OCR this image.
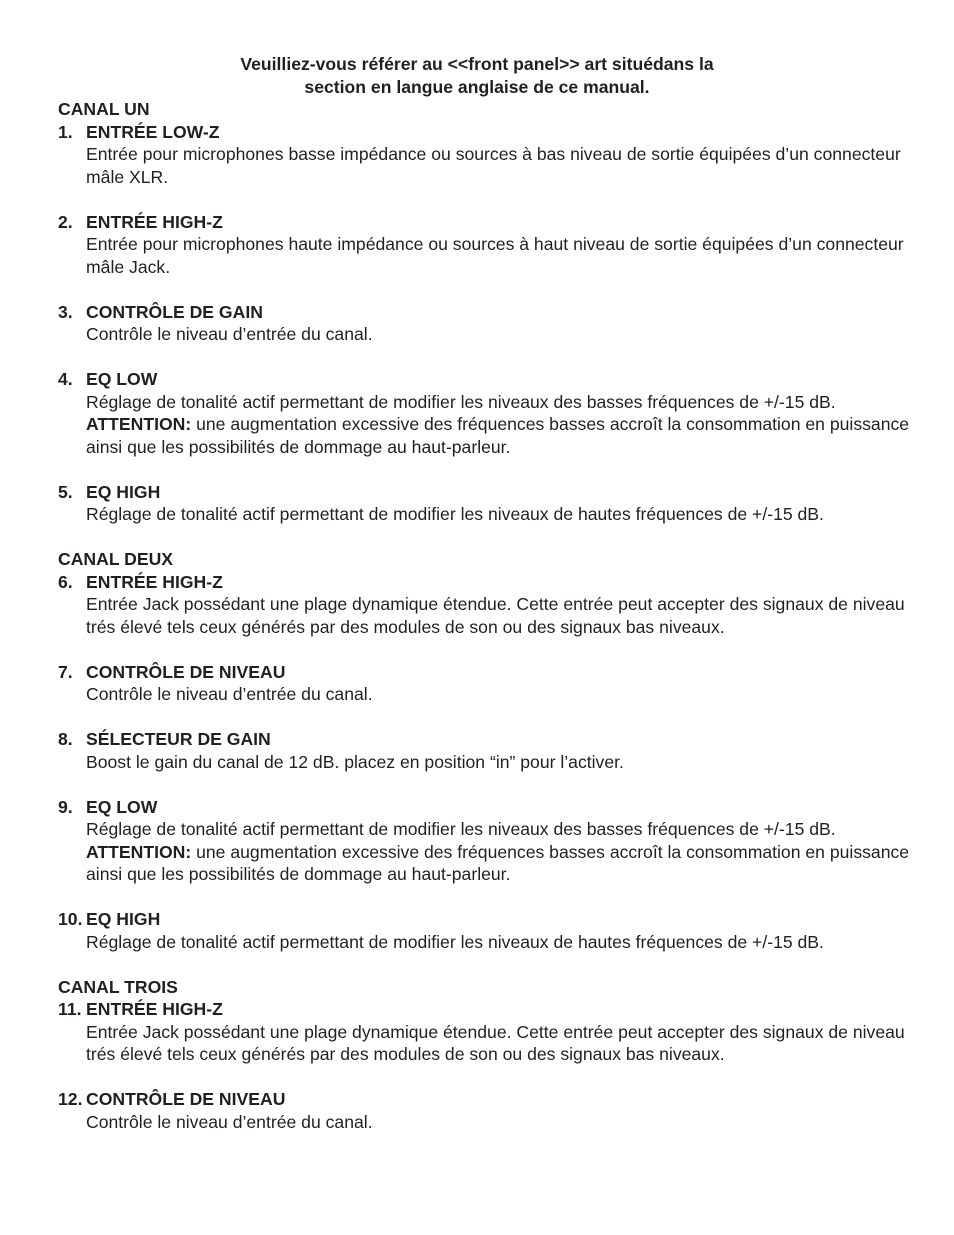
Veuilliez-vous référer au <<front panel>> art situédans la
section en langue anglaise de ce manual.
CANAL UN
1. ENTRÉE LOW-Z
Entrée pour microphones basse impédance ou sources à bas niveau de sortie équipées d’un connecteur mâle XLR.
2. ENTRÉE HIGH-Z
Entrée pour microphones haute impédance ou sources à haut niveau de sortie équipées d’un connecteur mâle Jack.
3. CONTRÔLE DE GAIN
Contrôle le niveau d’entrée du canal.
4. EQ LOW
Réglage de tonalité actif permettant de modifier les niveaux des basses fréquences de +/-15 dB.
ATTENTION: une augmentation excessive des fréquences basses accroît la consommation en puissance ainsi que les possibilités de dommage au haut-parleur.
5. EQ HIGH
Réglage de tonalité actif permettant de modifier les niveaux de hautes fréquences de +/-15 dB.
CANAL DEUX
6. ENTRÉE HIGH-Z
Entrée Jack possédant une plage dynamique étendue. Cette entrée peut accepter des signaux de niveau trés élevé tels ceux générés par des modules de son ou des signaux bas niveaux.
7. CONTRÔLE DE NIVEAU
Contrôle le niveau d’entrée du canal.
8. SÉLECTEUR DE GAIN
Boost le gain du canal de 12 dB. placez en position “in” pour l’activer.
9. EQ LOW
Réglage de tonalité actif permettant de modifier les niveaux des basses fréquences de +/-15 dB.
ATTENTION: une augmentation excessive des fréquences basses accroît la consommation en puissance ainsi que les possibilités de dommage au haut-parleur.
10. EQ HIGH
Réglage de tonalité actif permettant de modifier les niveaux de hautes fréquences de +/-15 dB.
CANAL TROIS
11. ENTRÉE HIGH-Z
Entrée Jack possédant une plage dynamique étendue. Cette entrée peut accepter des signaux de niveau trés élevé tels ceux générés par des modules de son ou des signaux bas niveaux.
12. CONTRÔLE DE NIVEAU
Contrôle le niveau d’entrée du canal.
